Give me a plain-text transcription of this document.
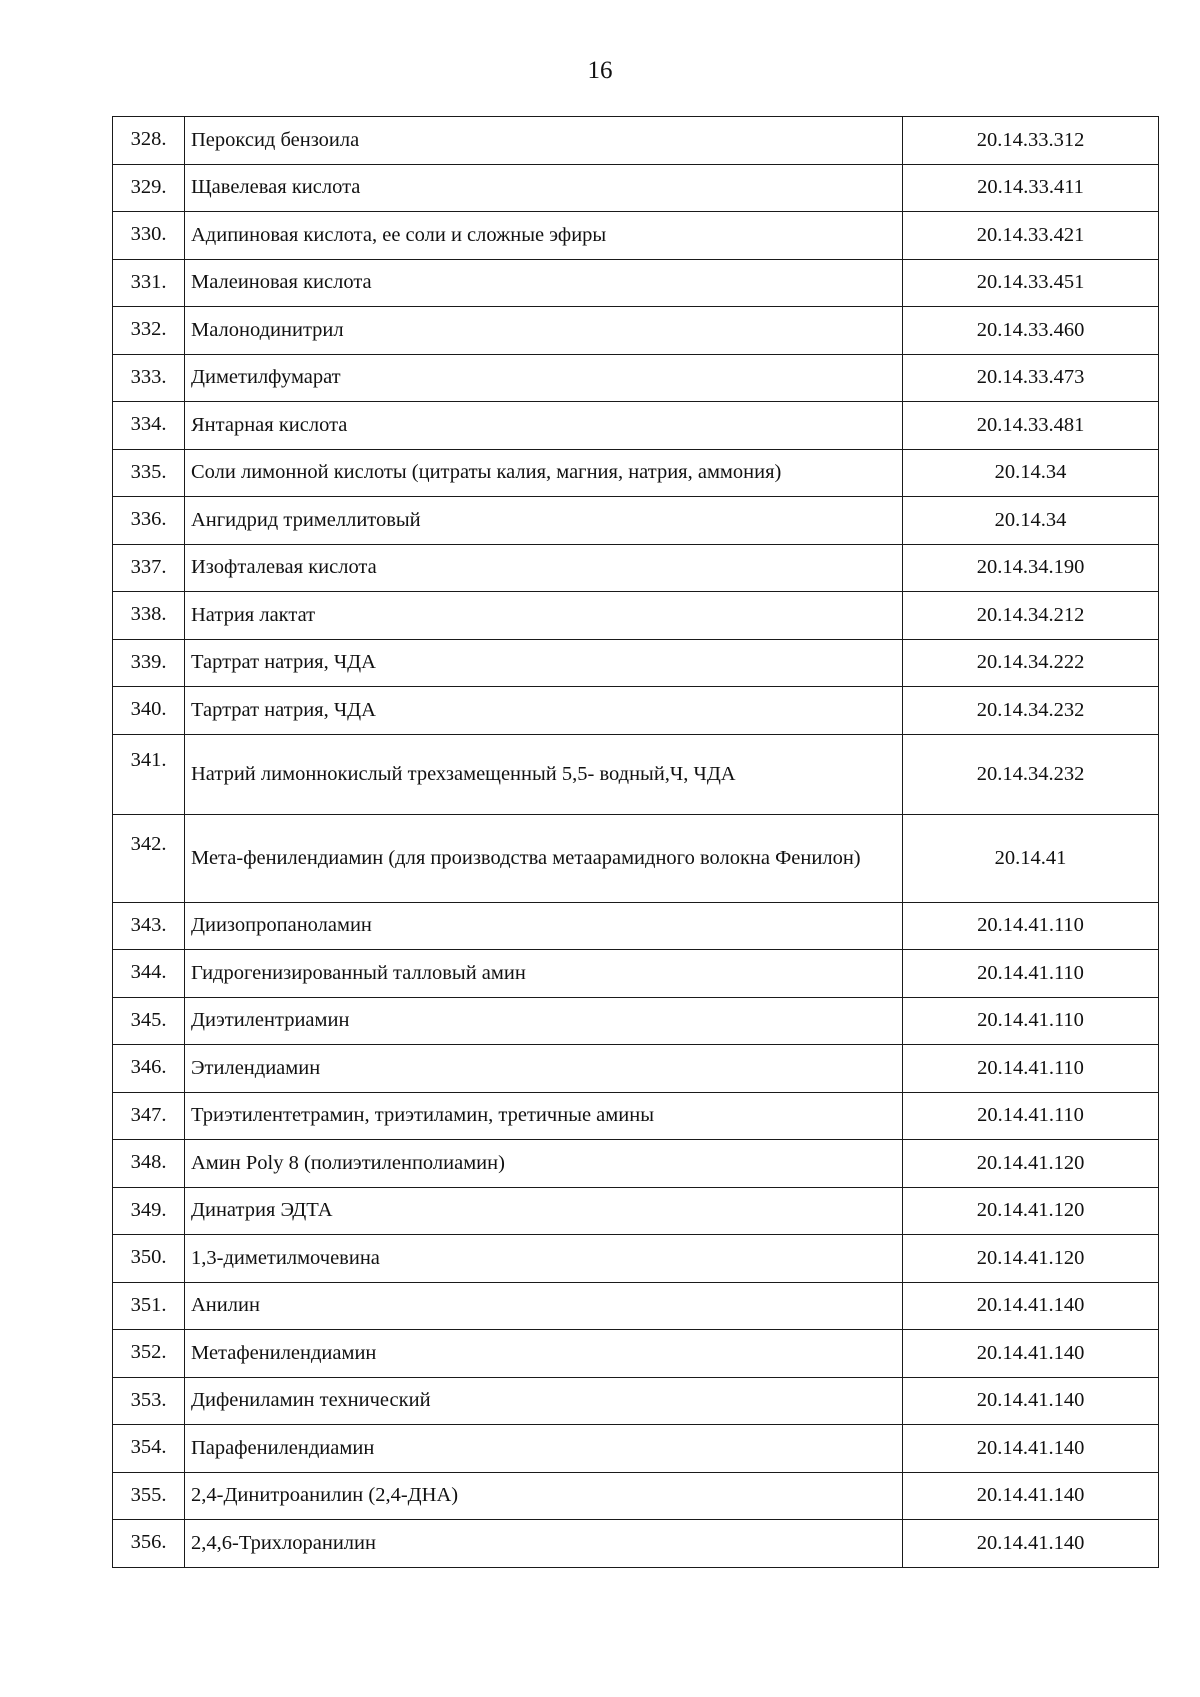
16
328.	Пероксид бензоила	20.14.33.312
329.	Щавелевая кислота	20.14.33.411
330.	Адипиновая кислота, ее соли и сложные эфиры	20.14.33.421
331.	Малеиновая кислота	20.14.33.451
332.	Малонодинитрил	20.14.33.460
333.	Диметилфумарат	20.14.33.473
334.	Янтарная кислота	20.14.33.481
335.	Соли лимонной кислоты (цитраты калия, магния, натрия, аммония)	20.14.34
336.	Ангидрид тримеллитовый	20.14.34
337.	Изофталевая кислота	20.14.34.190
338.	Натрия лактат	20.14.34.212
339.	Тартрат натрия, ЧДА	20.14.34.222
340.	Тартрат натрия, ЧДА	20.14.34.232
341.	Натрий лимоннокислый трехзамещенный 5,5- водный,Ч, ЧДА	20.14.34.232
342.	Мета-фенилендиамин (для производства метаарамидного волокна Фенилон)	20.14.41
343.	Диизопропаноламин	20.14.41.110
344.	Гидрогенизированный талловый амин	20.14.41.110
345.	Диэтилентриамин	20.14.41.110
346.	Этилендиамин	20.14.41.110
347.	Триэтилентетрамин, триэтиламин, третичные амины	20.14.41.110
348.	Амин Poly 8 (полиэтиленполиамин)	20.14.41.120
349.	Динатрия ЭДТА	20.14.41.120
350.	1,3-диметилмочевина	20.14.41.120
351.	Анилин	20.14.41.140
352.	Метафенилендиамин	20.14.41.140
353.	Дифениламин технический	20.14.41.140
354.	Парафенилендиамин	20.14.41.140
355.	2,4-Динитроанилин (2,4-ДНА)	20.14.41.140
356.	2,4,6-Трихлоранилин	20.14.41.140
